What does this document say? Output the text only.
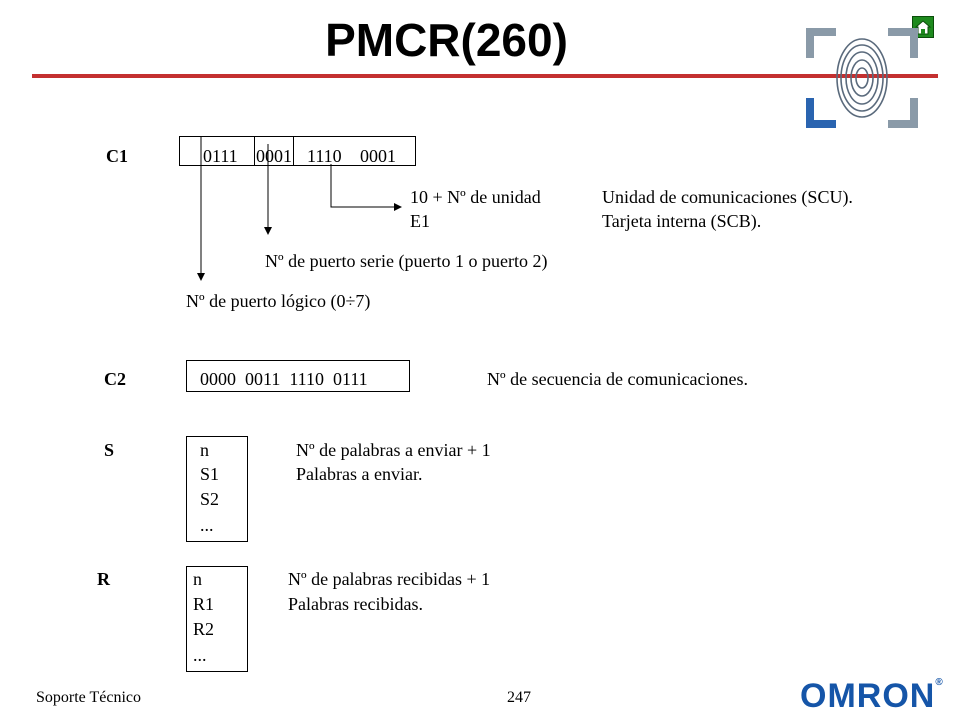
PMCR(260)
C1	0111 0001 1110 0001
10 + Nº de unidad	Unidad de comunicaciones (SCU).
E1	Tarjeta interna (SCB).
Nº de puerto serie (puerto 1 o puerto 2)
Nº de puerto lógico (0÷7)
C2	0000  0011  1110  0111	Nº de secuencia de comunicaciones.
S	n
S1
S2
...
Nº de palabras a enviar + 1
Palabras a enviar.
R	n
R1
R2
...
Nº de palabras recibidas + 1
Palabras recibidas.
Soporte Técnico	247	OMRON®
